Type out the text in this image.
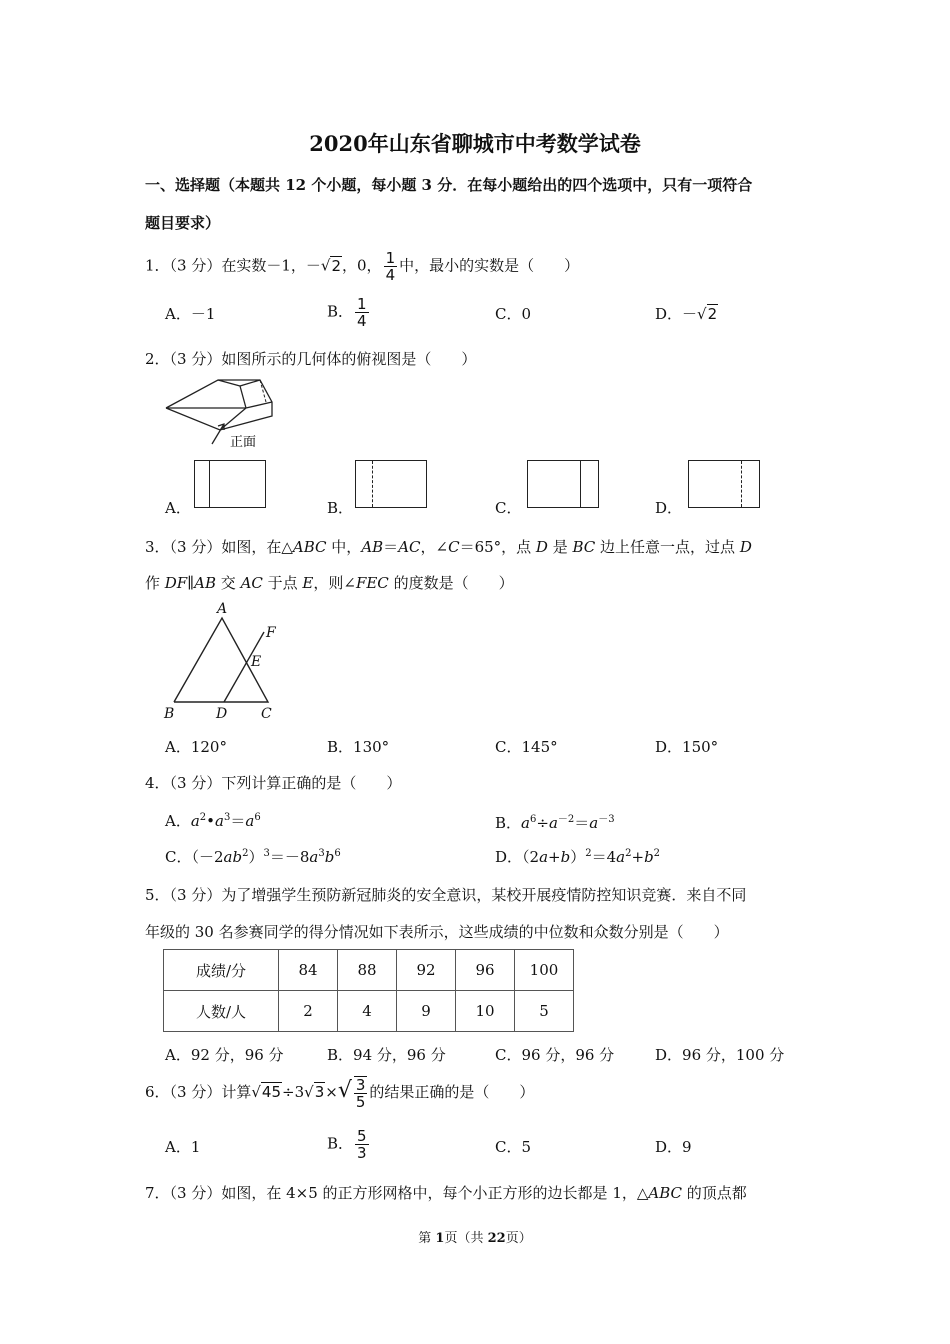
2020年山东省聊城市中考数学试卷
一、选择题（本题共 12 个小题，每小题 3 分．在每小题给出的四个选项中，只有一项符合
题目要求）
1．（3 分）在实数－1，－√2，0， $\frac{1}{4}$ 中，最小的实数是（　　）
A．－1	B． $\frac{1}{4}$	C．0	D．－√2
2．（3 分）如图所示的几何体的俯视图是（　　）
正面
A．	B．	C．	D．
3．（3 分）如图，在△ABC 中，AB＝AC，∠C＝65°，点 D 是 BC 边上任意一点，过点 D
作 DF∥AB 交 AC 于点 E，则∠FEC 的度数是（　　）
A
B	D C
E
F
A．120°	B．130°	C．145°	D．150°
4．（3 分）下列计算正确的是（　　）
A．$a^2•a^3=a^6$	B．$a^6\div a^{-2}=a^{-3}$
C．$(-2ab^2)^3=-8a^3b^6$	D．$(2a+b)^2=4a^2+b^2$
5．（3 分）为了增强学生预防新冠肺炎的安全意识，某校开展疫情防控知识竞赛．来自不同
年级的 30 名参赛同学的得分情况如下表所示，这些成绩的中位数和众数分别是（　　）
成绩/分	84	88	92	96	100
人数/人	2	4	9	10	5
A．92 分，96 分	B．94 分，96 分	C．96 分，96 分	D．96 分，100 分
6．（3 分）计算$√45\div 3√3\times√ \frac{3}{5}$ 的结果正确的是（　　）
A．1	B． $\frac{5}{3}$	C．5	D．9
7．（3 分）如图，在 4×5 的正方形网格中，每个小正方形的边长都是 1，△ABC 的顶点都
第 1页（共 22页）
